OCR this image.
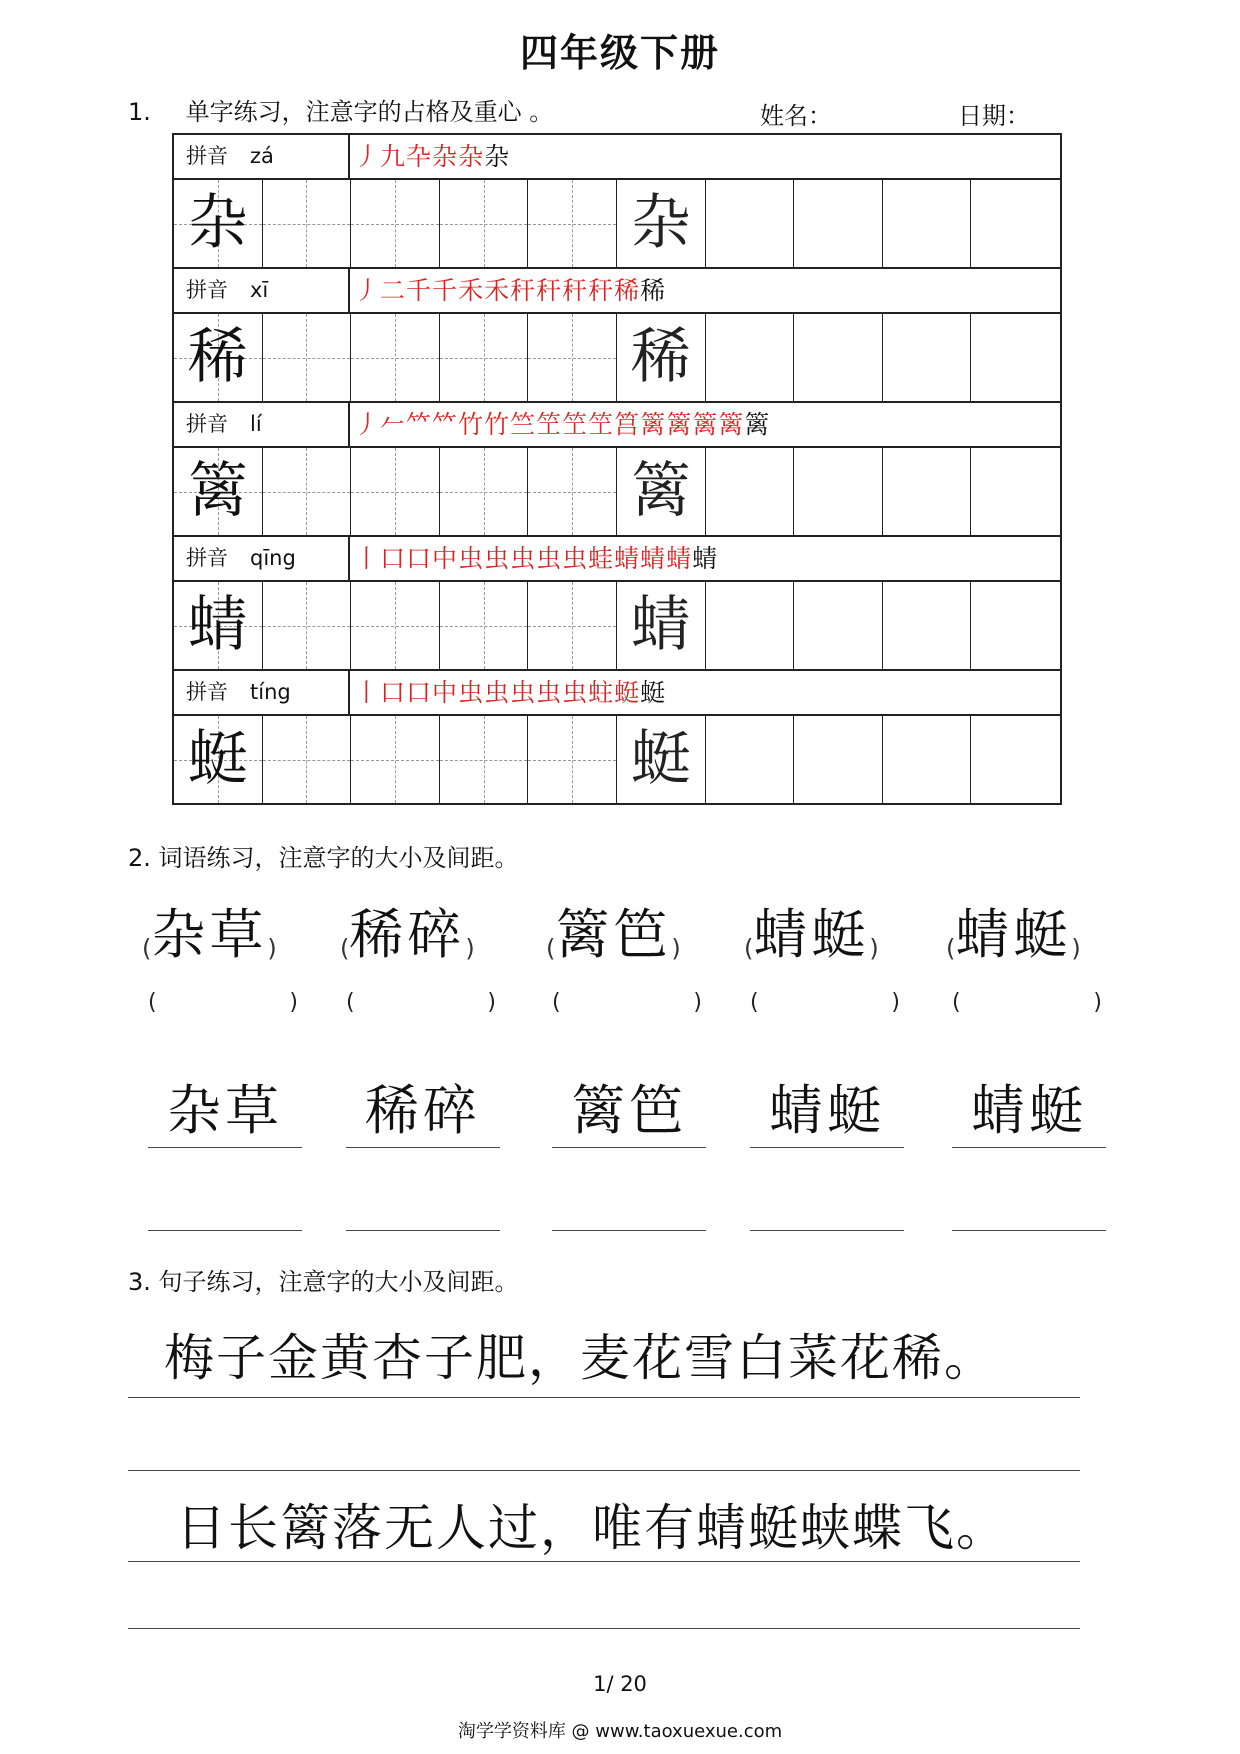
四年级下册
1. 单字练习，注意字的占格及重心 。	姓名：	日期：
拼音 zá	丿九卆杂杂杂
杂	杂
拼音 xī	丿二千千禾禾秆秆秆秆稀稀
稀	稀
拼音 lí	丿𠂉𥫗𥫗竹竹竺笁笁笁筥篱篱篱篱篱
篱	篱
拼音 qīng	丨口口中虫虫虫虫虫蛙蜻蜻蜻蜻
蜻	蜻
拼音 tíng	丨口口中虫虫虫虫虫蛀蜓蜓
蜓	蜓
2. 词语练习，注意字的大小及间距。
(杂草)
(	)
杂草
(稀碎)
(	)
稀碎
(篱笆)
(	)
篱笆
(蜻蜓)
(	)
蜻蜓
(蜻蜓)
(	)
蜻蜓
3. 句子练习，注意字的大小及间距。
梅子金黄杏子肥，麦花雪白菜花稀。
日长篱落无人过，唯有蜻蜓蛱蝶飞。
1/ 20
淘学学资料库 @ www.taoxuexue.com
